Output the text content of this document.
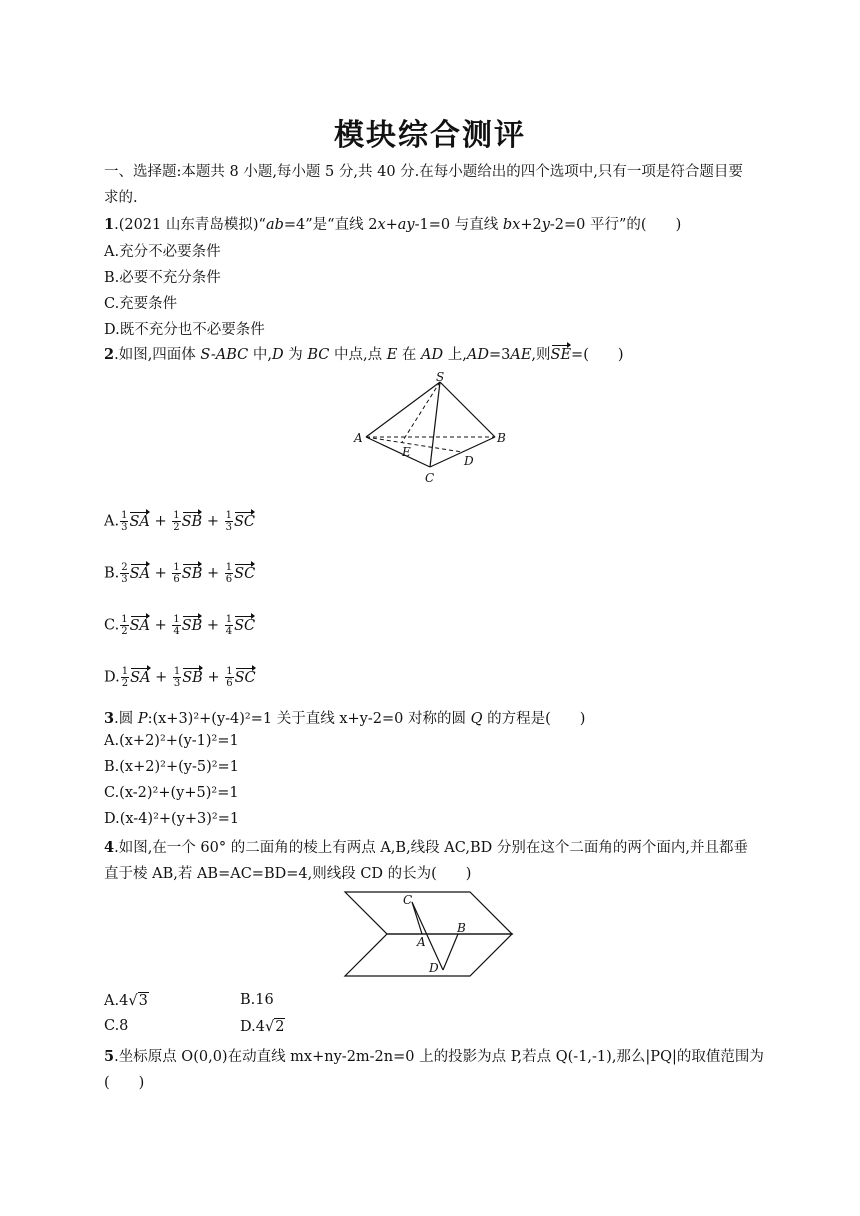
模块综合测评
一、选择题:本题共 8 小题,每小题 5 分,共 40 分.在每小题给出的四个选项中,只有一项是符合题目要
求的.
1.(2021 山东青岛模拟)“ab=4”是“直线 2x+ay-1=0 与直线 bx+2y-2=0 平行”的(　　)
A.充分不必要条件
B.必要不充分条件
C.充要条件
D.既不充分也不必要条件
2.如图,四面体 S-ABC 中,D 为 BC 中点,点 E 在 AD 上,AD=3AE,则SE=(　　)
S
A	B
C
D
E
A. $\frac{1}{3}$ SA + $\frac{1}{2}$ SB + $\frac{1}{3}$ SC
B. $\frac{2}{3}$ SA + $\frac{1}{6}$ SB + $\frac{1}{6}$ SC
C. $\frac{1}{2}$ SA + $\frac{1}{4}$ SB + $\frac{1}{4}$ SC
D. $\frac{1}{2}$ SA + $\frac{1}{3}$ SB + $\frac{1}{6}$ SC
3.圆 P:(x+3)²+(y-4)²=1 关于直线 x+y-2=0 对称的圆 Q 的方程是(　　)
A.(x+2)²+(y-1)²=1
B.(x+2)²+(y-5)²=1
C.(x-2)²+(y+5)²=1
D.(x-4)²+(y+3)²=1
4.如图,在一个 60° 的二面角的棱上有两点 A,B,线段 AC,BD 分别在这个二面角的两个面内,并且都垂
直于棱 AB,若 AB=AC=BD=4,则线段 CD 的长为(　　)
C
A
B
D
A.4√3	B.16
C.8	D.4√2
5.坐标原点 O(0,0)在动直线 mx+ny-2m-2n=0 上的投影为点 P,若点 Q(-1,-1),那么|PQ|的取值范围为
(　　)
